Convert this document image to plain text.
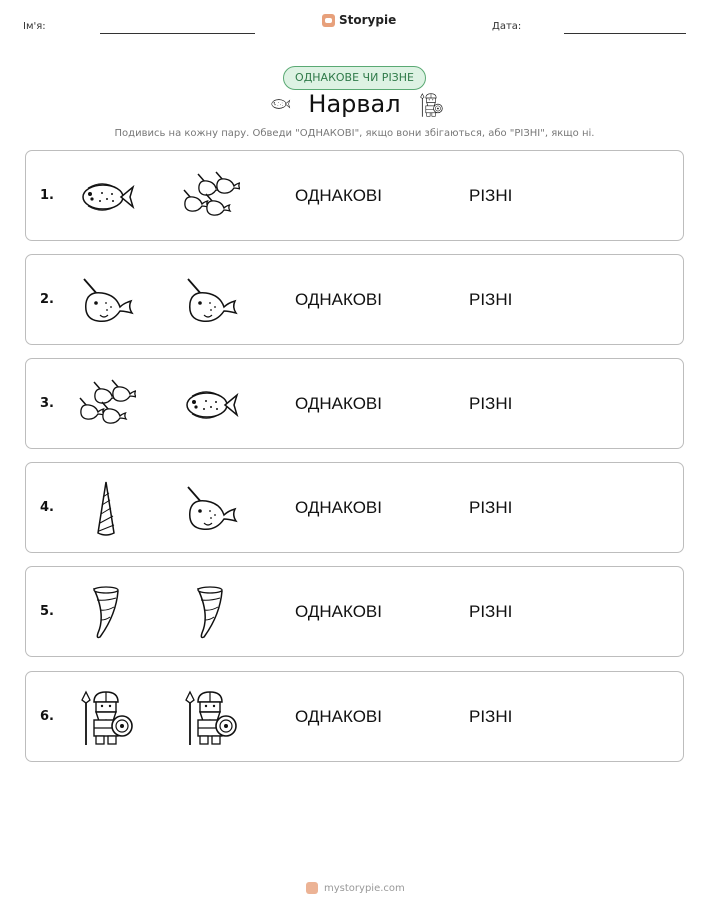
Ім'я:	Storypie	Дата:
ОДНАКОВЕ ЧИ РІЗНЕ
Нарвал
Подивись на кожну пару. Обведи "ОДНАКОВІ", якщо вони збігаються, або "РІЗНІ", якщо ні.
1.	ОДНАКОВІ	РІЗНІ
2.	ОДНАКОВІ	РІЗНІ
3.	ОДНАКОВІ	РІЗНІ
4.	ОДНАКОВІ	РІЗНІ
5.	ОДНАКОВІ	РІЗНІ
6.	ОДНАКОВІ	РІЗНІ
mystorypie.com
